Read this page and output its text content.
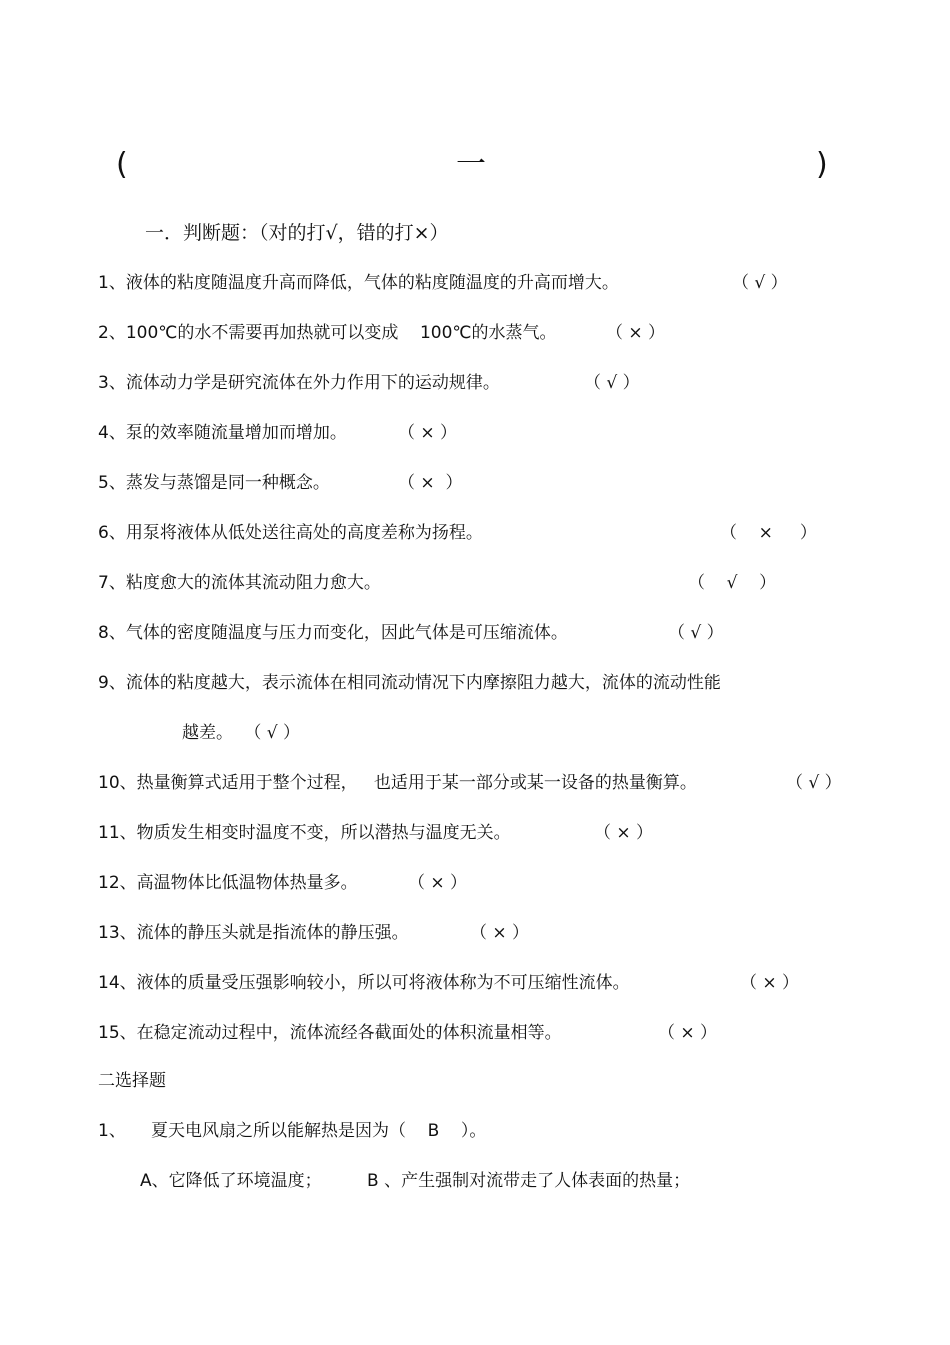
(	一	)
一．判断题：（对的打√，错的打×）
1、液体的粘度随温度升高而降低，气体的粘度随温度的升高而增大。	（ √ ）
2、100℃的水不需要再加热就可以变成    100℃的水蒸气。	（ × ）
3、流体动力学是研究流体在外力作用下的运动规律。	（ √ ）
4、泵的效率随流量增加而增加。	（ × ）
5、蒸发与蒸馏是同一种概念。	（ ×  ）
6、用泵将液体从低处送往高处的高度差称为扬程。	（    ×     ）
7、粘度愈大的流体其流动阻力愈大。	（    √    ）
8、气体的密度随温度与压力而变化，因此气体是可压缩流体。	（ √ ）
9、流体的粘度越大，表示流体在相同流动情况下内摩擦阻力越大，流体的流动性能
越差。 （ √ ）
10、热量衡算式适用于整个过程，   也适用于某一部分或某一设备的热量衡算。	（ √ ）
11、物质发生相变时温度不变，所以潜热与温度无关。	（ × ）
12、高温物体比低温物体热量多。	（ × ）
13、流体的静压头就是指流体的静压强。	（ × ）
14、液体的质量受压强影响较小，所以可将液体称为不可压缩性流体。	（ × ）
15、在稳定流动过程中，流体流经各截面处的体积流量相等。	（ × ）
二选择题
1、 夏天电风扇之所以能解热是因为（    B    ）。
A、它降低了环境温度；	B 、产生强制对流带走了人体表面的热量；
